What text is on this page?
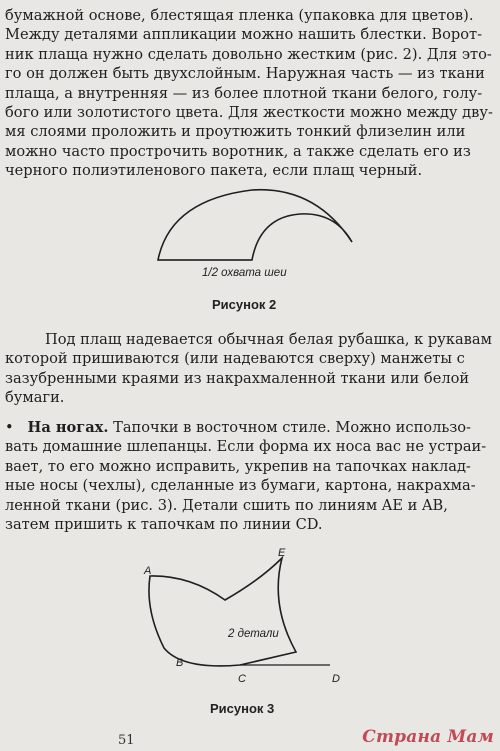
бумажной основе, блестящая пленка (упаковка для цветов).
Между деталями аппликации можно нашить блестки. Ворот-
ник плаща нужно сделать довольно жестким (рис. 2). Для это-
го он должен быть двухслойным. Наружная часть — из ткани
плаща, а внутренняя — из более плотной ткани белого, голу-
бого или золотистого цвета. Для жесткости можно между дву-
мя слоями проложить и проутюжить тонкий флизелин или
можно часто прострочить воротник, а также сделать его из
черного полиэтиленового пакета, если плащ черный.
1/2 охвата шеи
Рисунок 2
Под плащ надевается обычная белая рубашка, к рукавам
которой пришиваются (или надеваются сверху) манжеты с
зазубренными краями из накрахмаленной ткани или белой
бумаги.
• На ногах. Тапочки в восточном стиле. Можно использо-
вать домашние шлепанцы. Если форма их носа вас не устраи-
вает, то его можно исправить, укрепив на тапочках наклад-
ные носы (чехлы), сделанные из бумаги, картона, накрахма-
ленной ткани (рис. 3). Детали сшить по линиям AE и AB,
затем пришить к тапочкам по линии CD.
A
B
C	D
E
2 детали
Рисунок 3
51	Страна Мам
